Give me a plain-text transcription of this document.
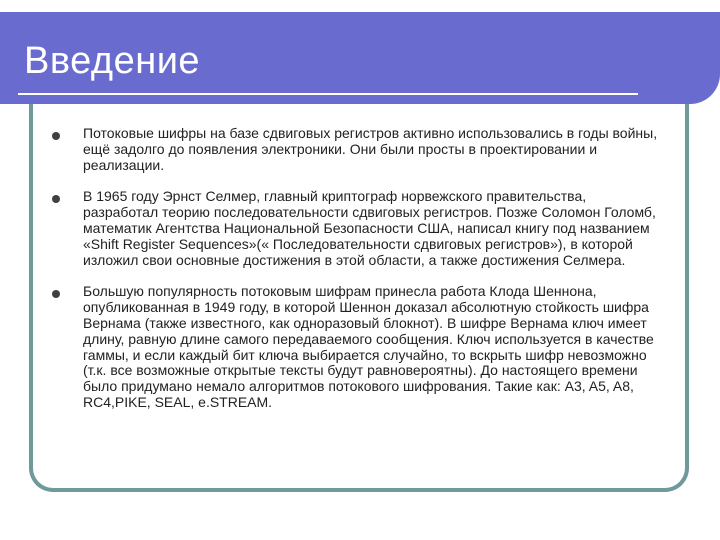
Введение
Потоковые шифры на базе сдвиговых регистров активно использовались в годы войны, ещё задолго до появления электроники. Они были просты в проектировании и реализации.
В 1965 году Эрнст Селмер, главный криптограф норвежского правительства, разработал теорию последовательности сдвиговых регистров. Позже Соломон Голомб, математик Агентства Национальной Безопасности США, написал книгу под названием «Shift Register Sequences»(« Последовательности сдвиговых регистров»), в которой изложил свои основные достижения в этой области, а также достижения Селмера.
Большую популярность потоковым шифрам принесла работа Клода Шеннона, опубликованная в 1949 году, в которой Шеннон доказал абсолютную стойкость шифра Вернама (также известного, как одноразовый блокнот). В шифре Вернама ключ имеет длину, равную длине самого передаваемого сообщения. Ключ используется в качестве гаммы, и если каждый бит ключа выбирается случайно, то вскрыть шифр невозможно (т.к. все возможные открытые тексты будут равновероятны). До настоящего времени было придумано немало алгоритмов потокового шифрования. Такие как: A3, A5, A8, RC4,PIKE, SEAL, e.STREAM.
